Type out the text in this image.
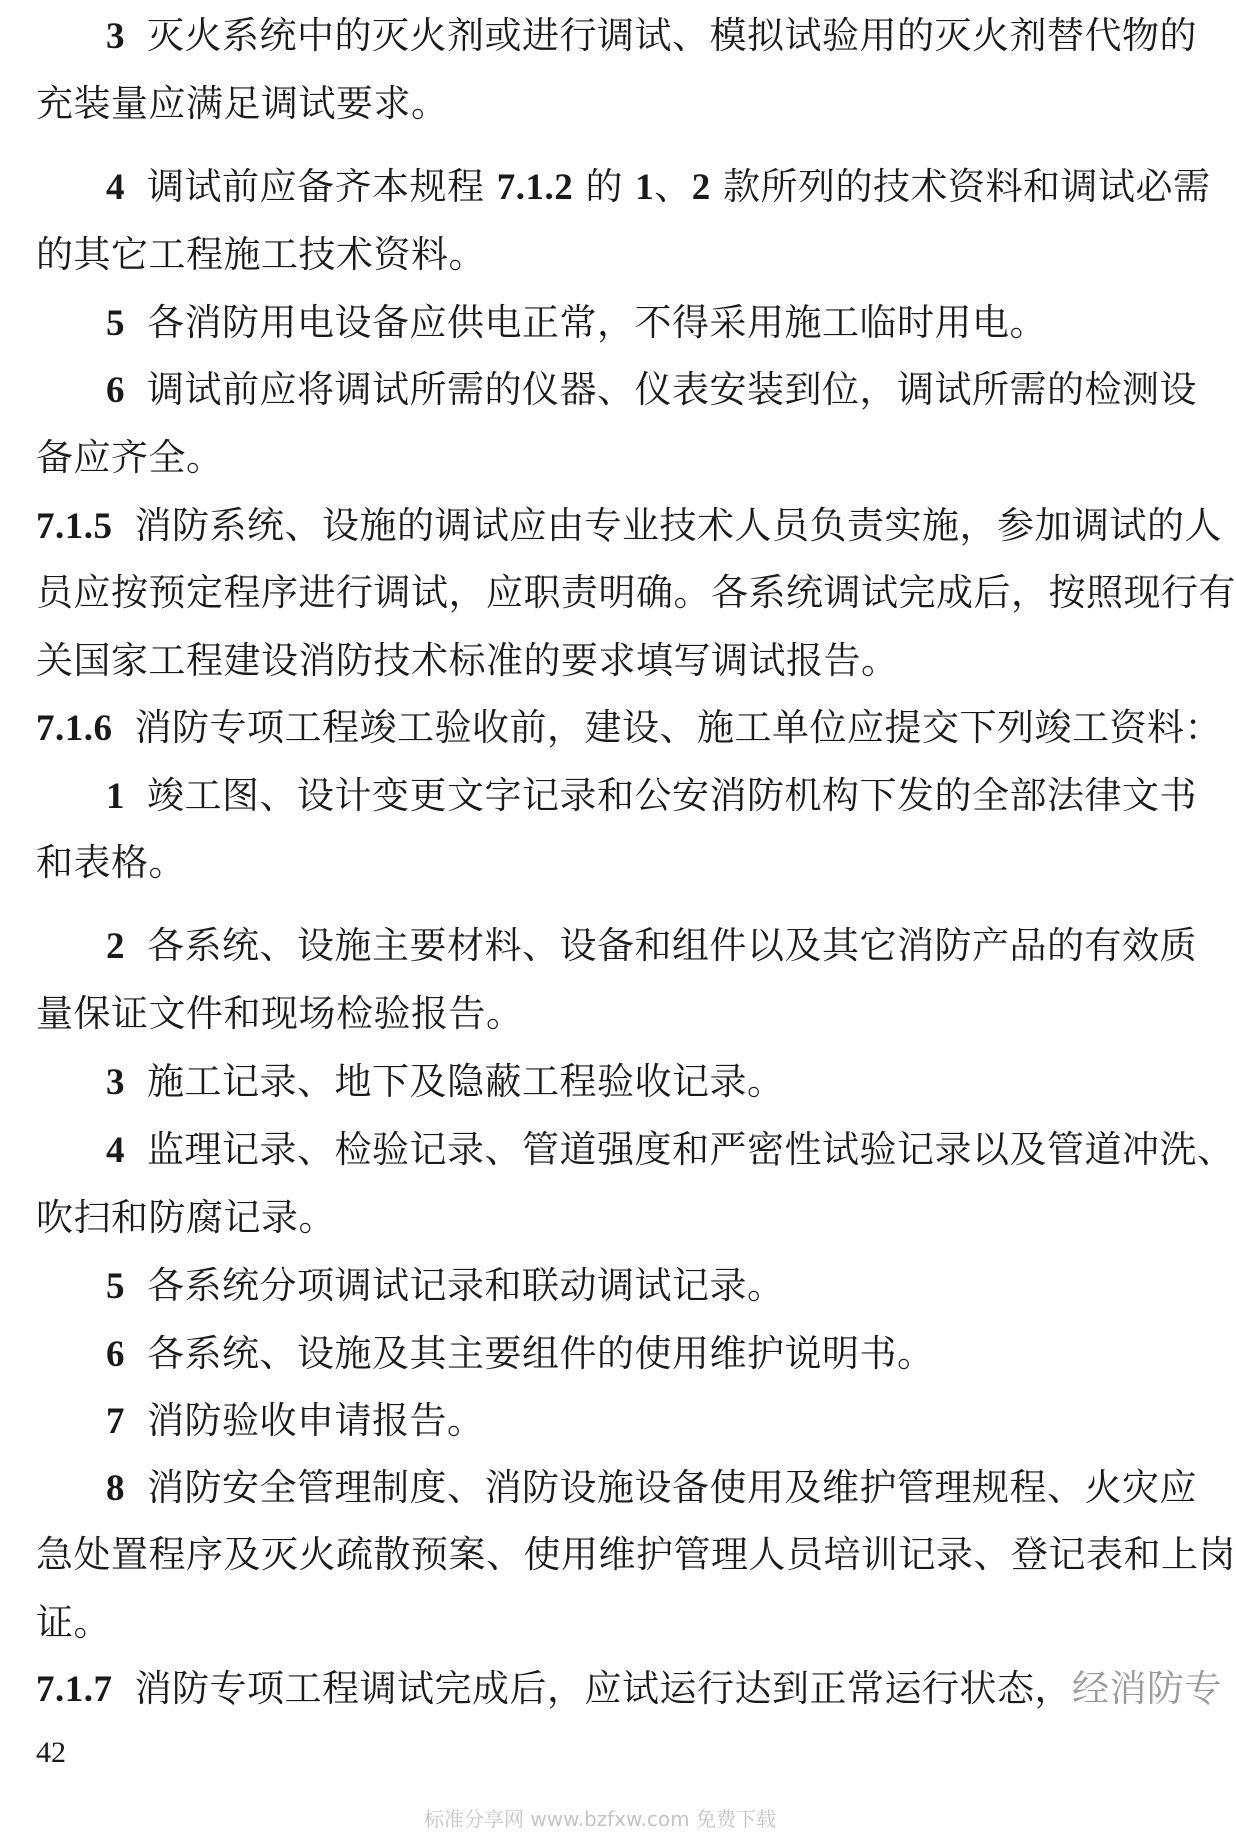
3 灭火系统中的灭火剂或进行调试、模拟试验用的灭火剂替代物的
充装量应满足调试要求。
4 调试前应备齐本规程 7.1.2 的 1、2 款所列的技术资料和调试必需
的其它工程施工技术资料。
5 各消防用电设备应供电正常，不得采用施工临时用电。
6 调试前应将调试所需的仪器、仪表安装到位，调试所需的检测设
备应齐全。
7.1.5 消防系统、设施的调试应由专业技术人员负责实施，参加调试的人
员应按预定程序进行调试，应职责明确。各系统调试完成后，按照现行有
关国家工程建设消防技术标准的要求填写调试报告。
7.1.6 消防专项工程竣工验收前，建设、施工单位应提交下列竣工资料：
1 竣工图、设计变更文字记录和公安消防机构下发的全部法律文书
和表格。
2 各系统、设施主要材料、设备和组件以及其它消防产品的有效质
量保证文件和现场检验报告。
3 施工记录、地下及隐蔽工程验收记录。
4 监理记录、检验记录、管道强度和严密性试验记录以及管道冲洗、
吹扫和防腐记录。
5 各系统分项调试记录和联动调试记录。
6 各系统、设施及其主要组件的使用维护说明书。
7 消防验收申请报告。
8 消防安全管理制度、消防设施设备使用及维护管理规程、火灾应
急处置程序及灭火疏散预案、使用维护管理人员培训记录、登记表和上岗
证。
7.1.7 消防专项工程调试完成后，应试运行达到正常运行状态，经消防专
42
标准分享网 www.bzfxw.com 免费下载
